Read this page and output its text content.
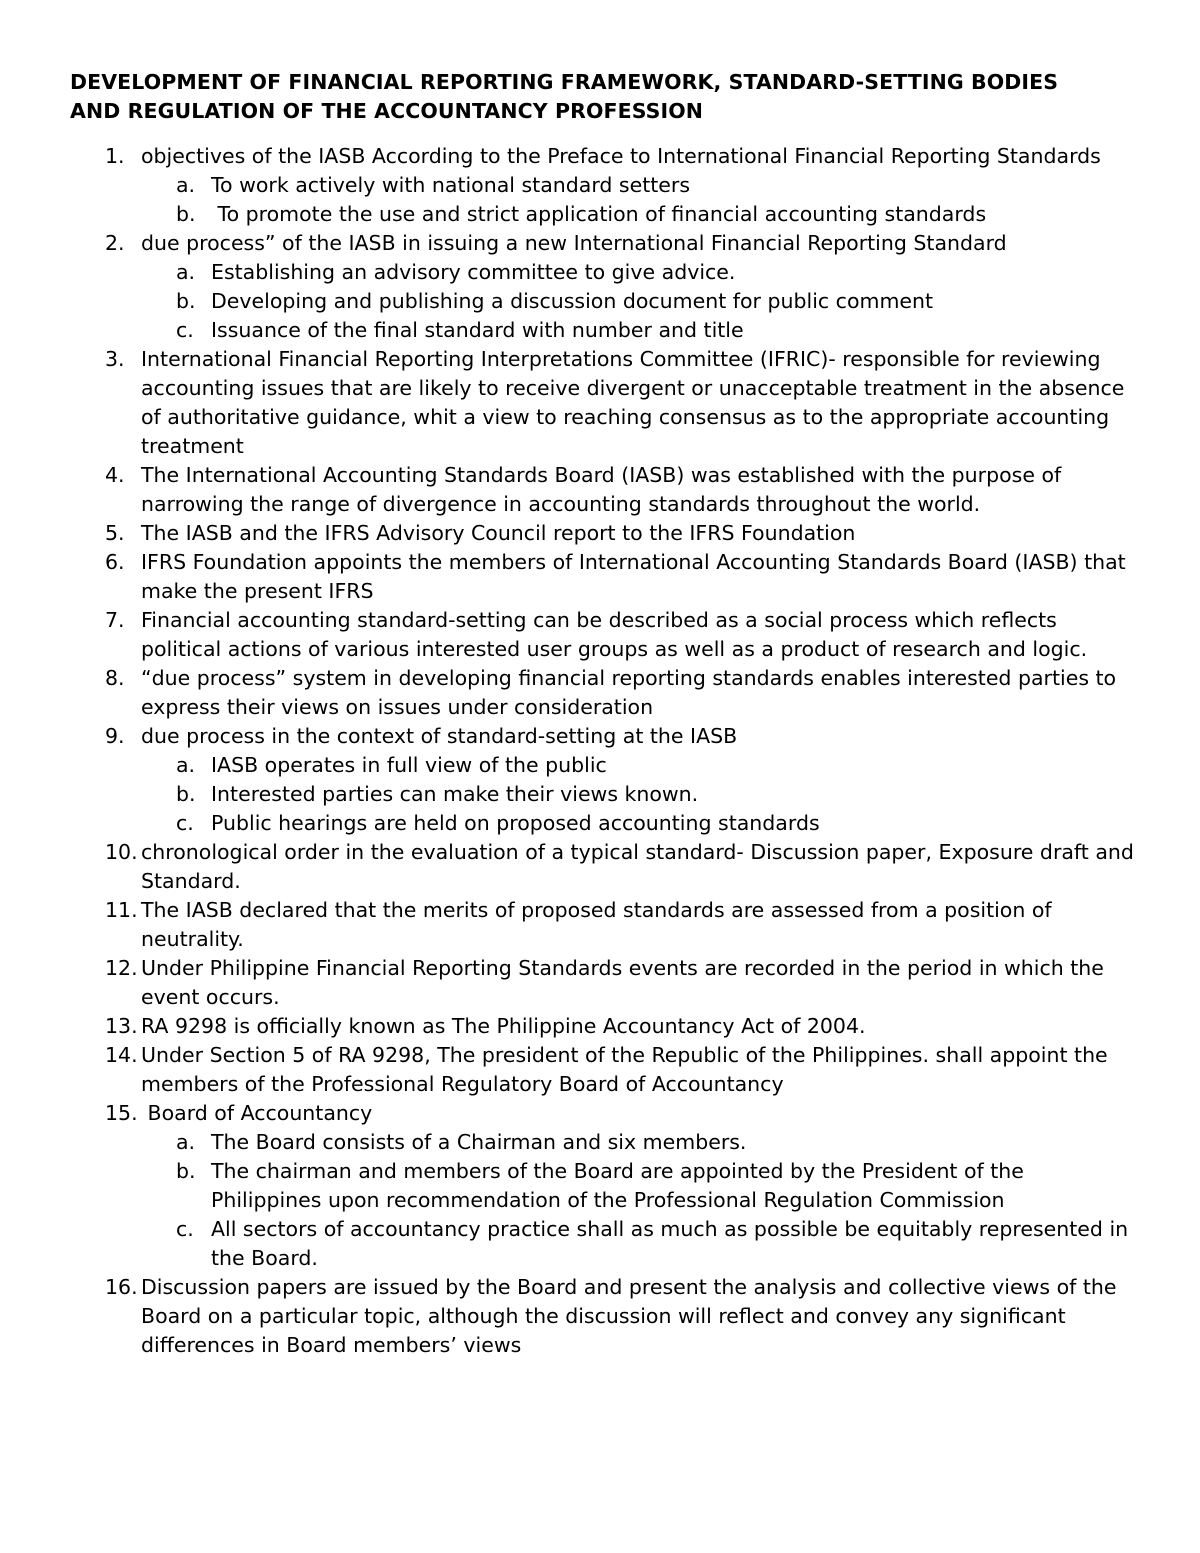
DEVELOPMENT OF FINANCIAL REPORTING FRAMEWORK, STANDARD-SETTING BODIES
AND REGULATION OF THE ACCOUNTANCY PROFESSION
1. objectives of the IASB According to the Preface to International Financial Reporting Standards
a. To work actively with national standard setters
b. To promote the use and strict application of financial accounting standards
2. due process” of the IASB in issuing a new International Financial Reporting Standard
a. Establishing an advisory committee to give advice.
b. Developing and publishing a discussion document for public comment
c. Issuance of the final standard with number and title
3. International Financial Reporting Interpretations Committee (IFRIC)- responsible for reviewing accounting issues that are likely to receive divergent or unacceptable treatment in the absence of authoritative guidance, whit a view to reaching consensus as to the appropriate accounting treatment
4. The International Accounting Standards Board (IASB) was established with the purpose of narrowing the range of divergence in accounting standards throughout the world.
5. The IASB and the IFRS Advisory Council report to the IFRS Foundation
6. IFRS Foundation appoints the members of International Accounting Standards Board (IASB) that make the present IFRS
7. Financial accounting standard-setting can be described as a social process which reflects political actions of various interested user groups as well as a product of research and logic.
8. “due process” system in developing financial reporting standards enables interested parties to express their views on issues under consideration
9. due process in the context of standard-setting at the IASB
a. IASB operates in full view of the public
b. Interested parties can make their views known.
c. Public hearings are held on proposed accounting standards
10. chronological order in the evaluation of a typical standard- Discussion paper, Exposure draft and Standard.
11. The IASB declared that the merits of proposed standards are assessed from a position of neutrality.
12. Under Philippine Financial Reporting Standards events are recorded in the period in which the event occurs.
13. RA 9298 is officially known as The Philippine Accountancy Act of 2004.
14. Under Section 5 of RA 9298, The president of the Republic of the Philippines. shall appoint the members of the Professional Regulatory Board of Accountancy
15. Board of Accountancy
a. The Board consists of a Chairman and six members.
b. The chairman and members of the Board are appointed by the President of the Philippines upon recommendation of the Professional Regulation Commission
c. All sectors of accountancy practice shall as much as possible be equitably represented in the Board.
16. Discussion papers are issued by the Board and present the analysis and collective views of the Board on a particular topic, although the discussion will reflect and convey any significant differences in Board members’ views
